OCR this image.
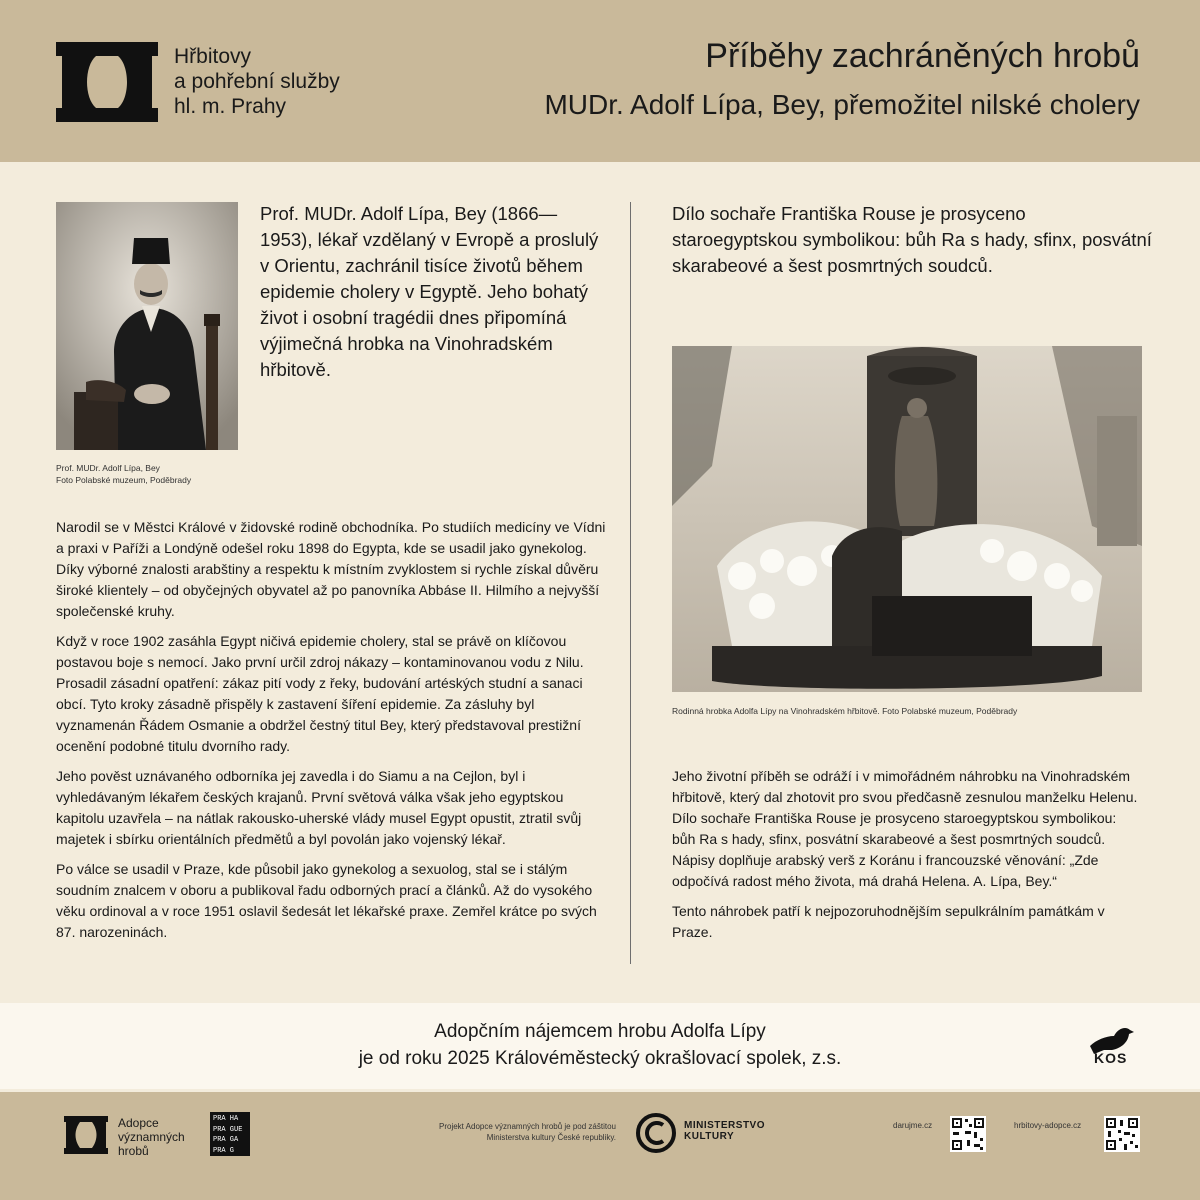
Hřbitovy
a pohřební služby
hl. m. Prahy
Příběhy zachráněných hrobů
MUDr. Adolf Lípa, Bey, přemožitel nilské cholery
Prof. MUDr. Adolf Lípa, Bey
Foto Polabské muzeum, Poděbrady
Prof. MUDr. Adolf Lípa, Bey (1866—1953), lékař vzdělaný v Evropě a proslulý v Orientu, zachránil tisíce životů během epidemie cholery v Egyptě. Jeho bohatý život i osobní tragédii dnes připomíná výjimečná hrobka na Vinohradském hřbitově.

Narodil se v Městci Králové v židovské rodině obchodníka. Po studiích medicíny ve Vídni a praxi v Paříži a Londýně odešel roku 1898 do Egypta, kde se usadil jako gynekolog. Díky výborné znalosti arabštiny a respektu k místním zvyklostem si rychle získal důvěru široké klientely – od obyčejných obyvatel až po panovníka Abbáse II. Hilmího a nejvyšší společenské kruhy.

Když v roce 1902 zasáhla Egypt ničivá epidemie cholery, stal se právě on klíčovou postavou boje s nemocí. Jako první určil zdroj nákazy – kontaminovanou vodu z Nilu. Prosadil zásadní opatření: zákaz pití vody z řeky, budování artéských studní a sanaci obcí. Tyto kroky zásadně přispěly k zastavení šíření epidemie. Za zásluhy byl vyznamenán Řádem Osmanie a obdržel čestný titul Bey, který představoval prestižní ocenění podobné titulu dvorního rady.

Jeho pověst uznávaného odborníka jej zavedla i do Siamu a na Cejlon, byl i vyhledávaným lékařem českých krajanů. První světová válka však jeho egyptskou kapitolu uzavřela – na nátlak rakousko-uherské vlády musel Egypt opustit, ztratil svůj majetek i sbírku orientálních předmětů a byl povolán jako vojenský lékař.

Po válce se usadil v Praze, kde působil jako gynekolog a sexuolog, stal se i stálým soudním znalcem v oboru a publikoval řadu odborných prací a článků. Až do vysokého věku ordinoval a v roce 1951 oslavil šedesát let lékařské praxe. Zemřel krátce po svých 87. narozeninách.

Dílo sochaře Františka Rouse je prosyceno staroegyptskou symbolikou: bůh Ra s hady, sfinx, posvátní skarabeové a šest posmrtných soudců.
Rodinná hrobka Adolfa Lípy na Vinohradském hřbitově. Foto Polabské muzeum, Poděbrady

Jeho životní příběh se odráží i v mimořádném náhrobku na Vinohradském hřbitově, který dal zhotovit pro svou předčasně zesnulou manželku Helenu. Dílo sochaře Františka Rouse je prosyceno staroegyptskou symbolikou: bůh Ra s hady, sfinx, posvátní skarabeové a šest posmrtných soudců. Nápisy doplňuje arabský verš z Koránu i francouzské věnování: „Zde odpočívá radost mého života, má drahá Helena. A. Lípa, Bey.“

Tento náhrobek patří k nejpozoruhodnějším sepulkrálním památkám v Praze.

Adopčním nájemcem hrobu Adolfa Lípy
je od roku 2025 Královéměstecký okrašlovací spolek, z.s.	KOS
Adopce
významných
hrobů
PRA HA
PRA GUE
PRA GA
PRA G
Projekt Adopce významných hrobů je pod záštitou Ministerstva kultury České republiky.
MINISTERSTVO
KULTURY
darujme.cz	hrbitovy-adopce.cz
